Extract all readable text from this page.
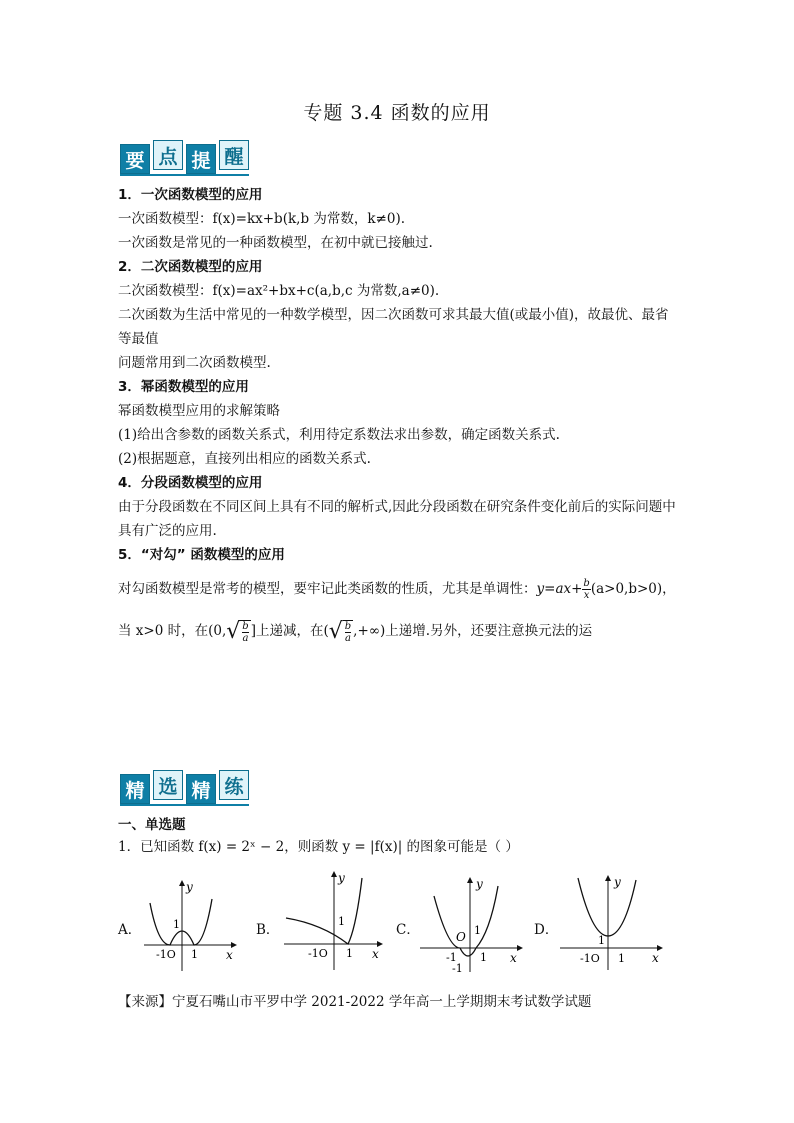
专题 3.4 函数的应用
要 点 提 醒
1．一次函数模型的应用
一次函数模型：f(x)=kx+b(k,b 为常数，k≠0).
一次函数是常见的一种函数模型，在初中就已接触过.
2．二次函数模型的应用
二次函数模型：f(x)=ax²+bx+c(a,b,c 为常数,a≠0).
二次函数为生活中常见的一种数学模型，因二次函数可求其最大值(或最小值)，故最优、最省等最值
问题常用到二次函数模型.
3．幂函数模型的应用
幂函数模型应用的求解策略
(1)给出含参数的函数关系式，利用待定系数法求出参数，确定函数关系式.
(2)根据题意，直接列出相应的函数关系式.
4．分段函数模型的应用
由于分段函数在不同区间上具有不同的解析式,因此分段函数在研究条件变化前后的实际问题中具有广泛的应用.
5．“对勾” 函数模型的应用
对勾函数模型是常考的模型，要牢记此类函数的性质，尤其是单调性：$y=ax+ \frac{b}{x} (a>0,b>0)$，
当 x>0 时，在(0, √ $\frac{b}{a}$ ]上递减，在( √ $\frac{b}{a}$ ,+∞)上递增.另外，还要注意换元法的运
精 选 精 练
一、单选题
1．已知函数 f(x) = 2ˣ − 2，则函数 y = |f(x)| 的图象可能是（ ）
A．	B．	C．	D．
y
x
1
-1O 1
y
x
1
-1O 1
y
x
O 1
-1 1
-1
y
x
1
-1O 1
【来源】宁夏石嘴山市平罗中学 2021-2022 学年高一上学期期末考试数学试题
